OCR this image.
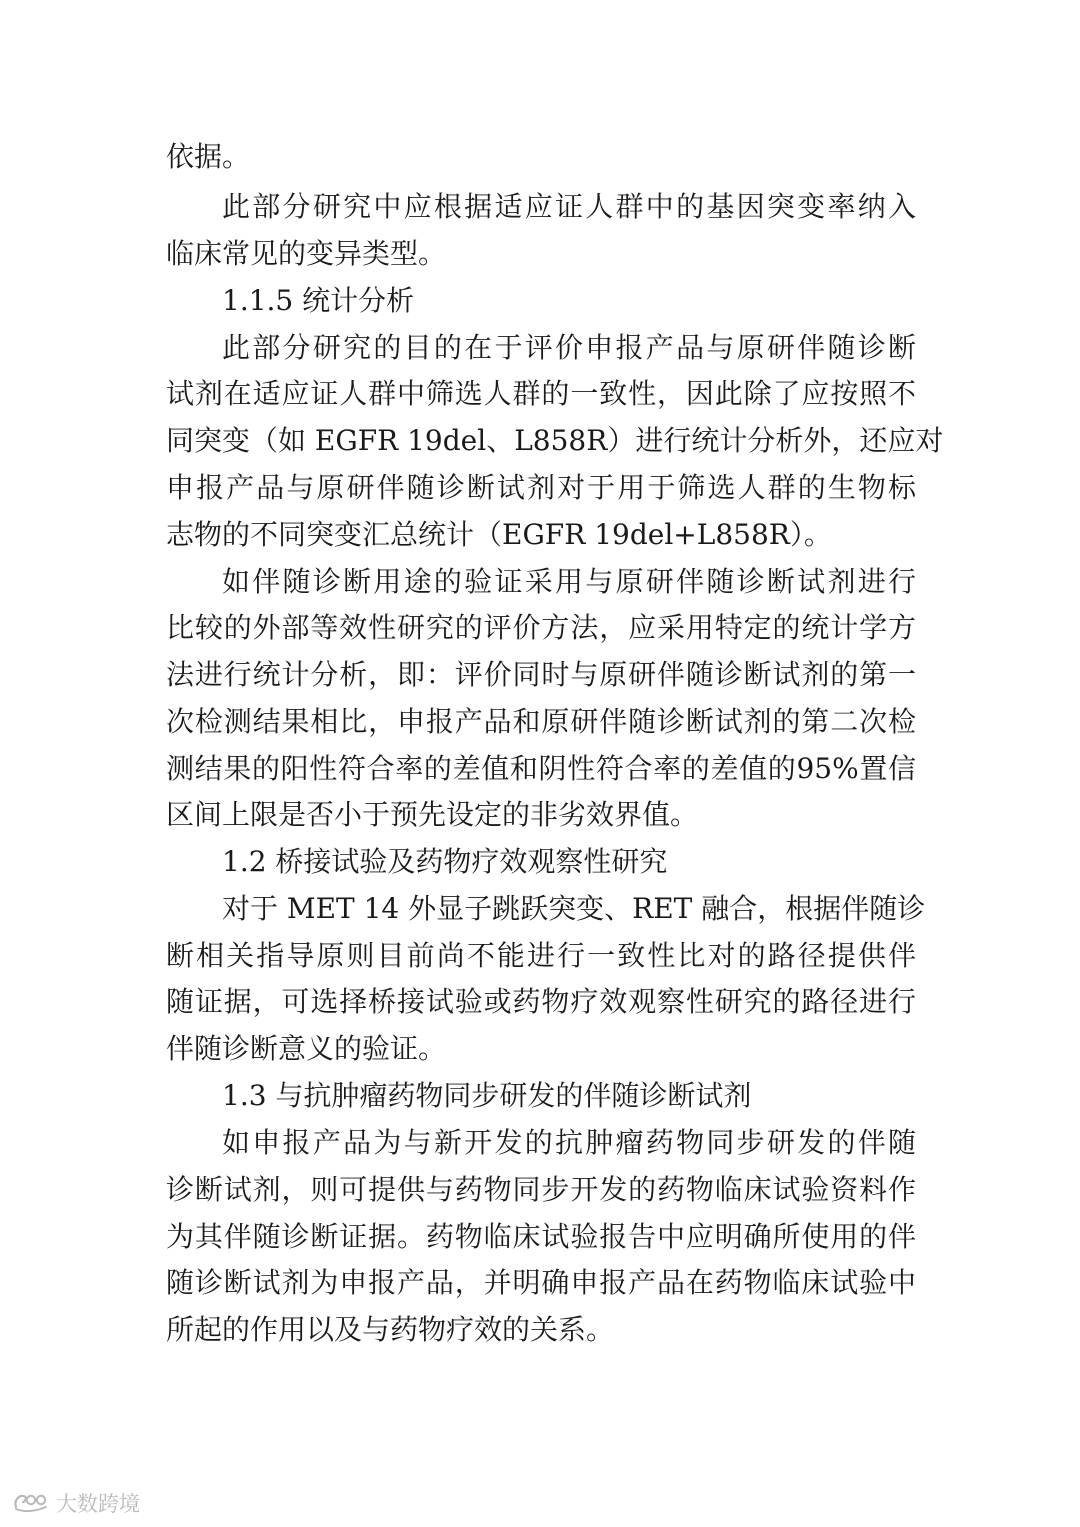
依据。
此部分研究中应根据适应证人群中的基因突变率纳入
临床常见的变异类型。
1.1.5 统计分析
此部分研究的目的在于评价申报产品与原研伴随诊断
试剂在适应证人群中筛选人群的一致性，因此除了应按照不
同突变（如 EGFR 19del、L858R）进行统计分析外，还应对
申报产品与原研伴随诊断试剂对于用于筛选人群的生物标
志物的不同突变汇总统计（EGFR 19del+L858R）。
如伴随诊断用途的验证采用与原研伴随诊断试剂进行
比较的外部等效性研究的评价方法，应采用特定的统计学方
法进行统计分析，即：评价同时与原研伴随诊断试剂的第一
次检测结果相比，申报产品和原研伴随诊断试剂的第二次检
测结果的阳性符合率的差值和阴性符合率的差值的95%置信
区间上限是否小于预先设定的非劣效界值。
1.2 桥接试验及药物疗效观察性研究
对于 MET 14 外显子跳跃突变、RET 融合，根据伴随诊
断相关指导原则目前尚不能进行一致性比对的路径提供伴
随证据，可选择桥接试验或药物疗效观察性研究的路径进行
伴随诊断意义的验证。
1.3 与抗肿瘤药物同步研发的伴随诊断试剂
如申报产品为与新开发的抗肿瘤药物同步研发的伴随
诊断试剂，则可提供与药物同步开发的药物临床试验资料作
为其伴随诊断证据。药物临床试验报告中应明确所使用的伴
随诊断试剂为申报产品，并明确申报产品在药物临床试验中
所起的作用以及与药物疗效的关系。
大数跨境
